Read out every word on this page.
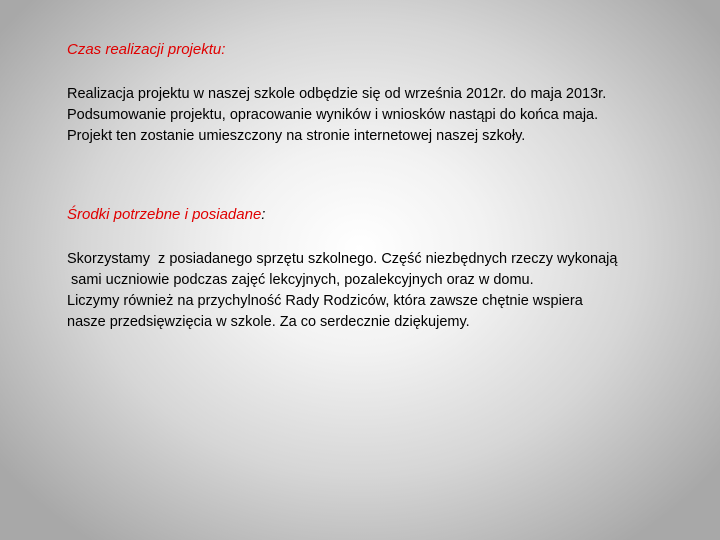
Czas realizacji projektu:
Realizacja projektu w naszej szkole odbędzie się od września 2012r. do maja 2013r.
Podsumowanie projektu, opracowanie wyników i wniosków nastąpi do końca maja.
Projekt ten zostanie umieszczony na stronie internetowej naszej szkoły.
Środki potrzebne i posiadane:
Skorzystamy  z posiadanego sprzętu szkolnego. Część niezbędnych rzeczy wykonają
sami uczniowie podczas zajęć lekcyjnych, pozalekcyjnych oraz w domu.
Liczymy również na przychylność Rady Rodziców, która zawsze chętnie wspiera
nasze przedsięwzięcia w szkole. Za co serdecznie dziękujemy.
